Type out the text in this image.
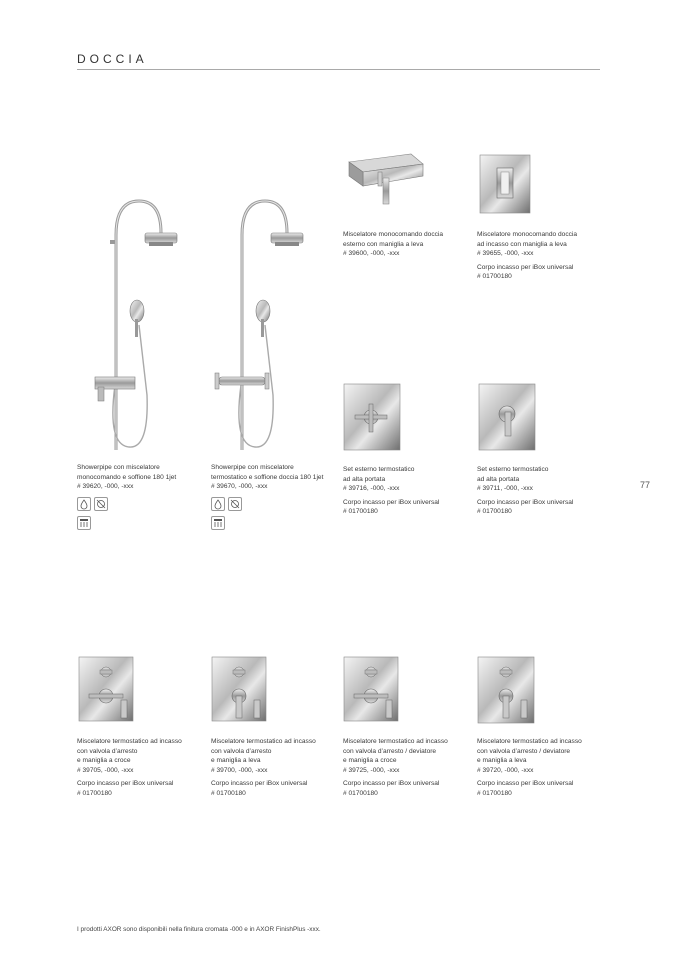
DOCCIA

Miscelatore monocomando doccia
esterno con maniglia a leva
# 39600, -000, -xxx

Miscelatore monocomando doccia
ad incasso con maniglia a leva
# 39655, -000, -xxx

Corpo incasso per iBox universal
# 01700180

Showerpipe con miscelatore
monocomando e soffione 180 1jet
# 39620, -000, -xxx

Showerpipe con miscelatore
termostatico e soffione doccia 180 1jet
# 39670, -000, -xxx

Set esterno termostatico
ad alta portata
# 39716, -000, -xxx

Corpo incasso per iBox universal
# 01700180

Set esterno termostatico
ad alta portata
# 39711, -000, -xxx

Corpo incasso per iBox universal
# 01700180

77

Miscelatore termostatico ad incasso
con valvola d’arresto
e maniglia a croce
# 39705, -000, -xxx

Corpo incasso per iBox universal
# 01700180

Miscelatore termostatico ad incasso
con valvola d’arresto
e maniglia a leva
# 39700, -000, -xxx

Corpo incasso per iBox universal
# 01700180

Miscelatore termostatico ad incasso
con valvola d’arresto / deviatore
e maniglia a croce
# 39725, -000, -xxx

Corpo incasso per iBox universal
# 01700180

Miscelatore termostatico ad incasso
con valvola d’arresto / deviatore
e maniglia a leva
# 39720, -000, -xxx

Corpo incasso per iBox universal
# 01700180

I prodotti AXOR sono disponibili nella finitura cromata -000 e in AXOR FinishPlus -xxx.
